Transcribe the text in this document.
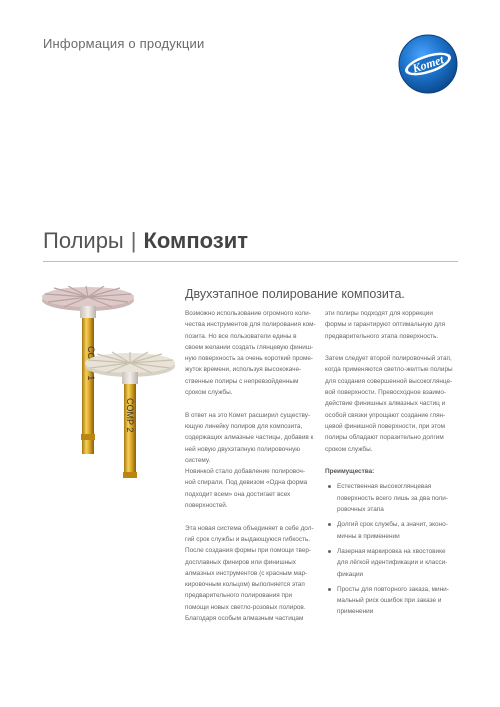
Информация о продукции
Komet
Полиры | Композит
COMP 2
Двухэтапное полирование композита.

Возможно использование огромного коли-
чества инструментов для полирования ком-
позита. Но все пользователи едины в
своем желании создать глянцевую финиш-
ную поверхность за очень короткий проме-
жуток времени, используя высококаче-
ственные полиры с непревзойденным
сроком службы.

В ответ на это Комет расширил существу-
ющую линейку полиров для композита,
содержащих алмазные частицы, добавив к
ней новую двухэтапную полировочную
систему.
Новинкой стало добавление полировоч-
ной спирали. Под девизом «Одна форма
подходит всем» она достигает всех
поверхностей.

Эта новая система объединяет в себе дол-
гий срок службы и выдающуюся гибкость.
После создания формы при помощи твер-
досплавных финиров или финишных
алмазных инструментов (с красным мар-
кировочным кольцом) выполняется этап
предварительного полирования при
помощи новых светло-розовых полиров.
Благодаря особым алмазным частицам

эти полиры подходят для коррекции
формы и гарантируют оптимальную для
предварительного этапа поверхность.

Затем следует второй полировочный этап,
когда применяются светло-желтые полиры
для создания совершенной высокоглянце-
вой поверхности. Превосходное взаимо-
действие финишных алмазных частиц и
особой связки упрощают создание глян-
цевой финишной поверхности, при этом
полиры обладают поразительно долгим
сроком службы.

Преимущества:
Естественная высокоглянцевая
поверхность всего лишь за два поли-
ровочных этапа
Долгий срок службы, а значит, эконо-
мичны в применении
Лазерная маркировка на хвостовике
для лёгкой идентификации и класси-
фикации
Просты для повторного заказа, мини-
мальный риск ошибок при заказе и
применении
